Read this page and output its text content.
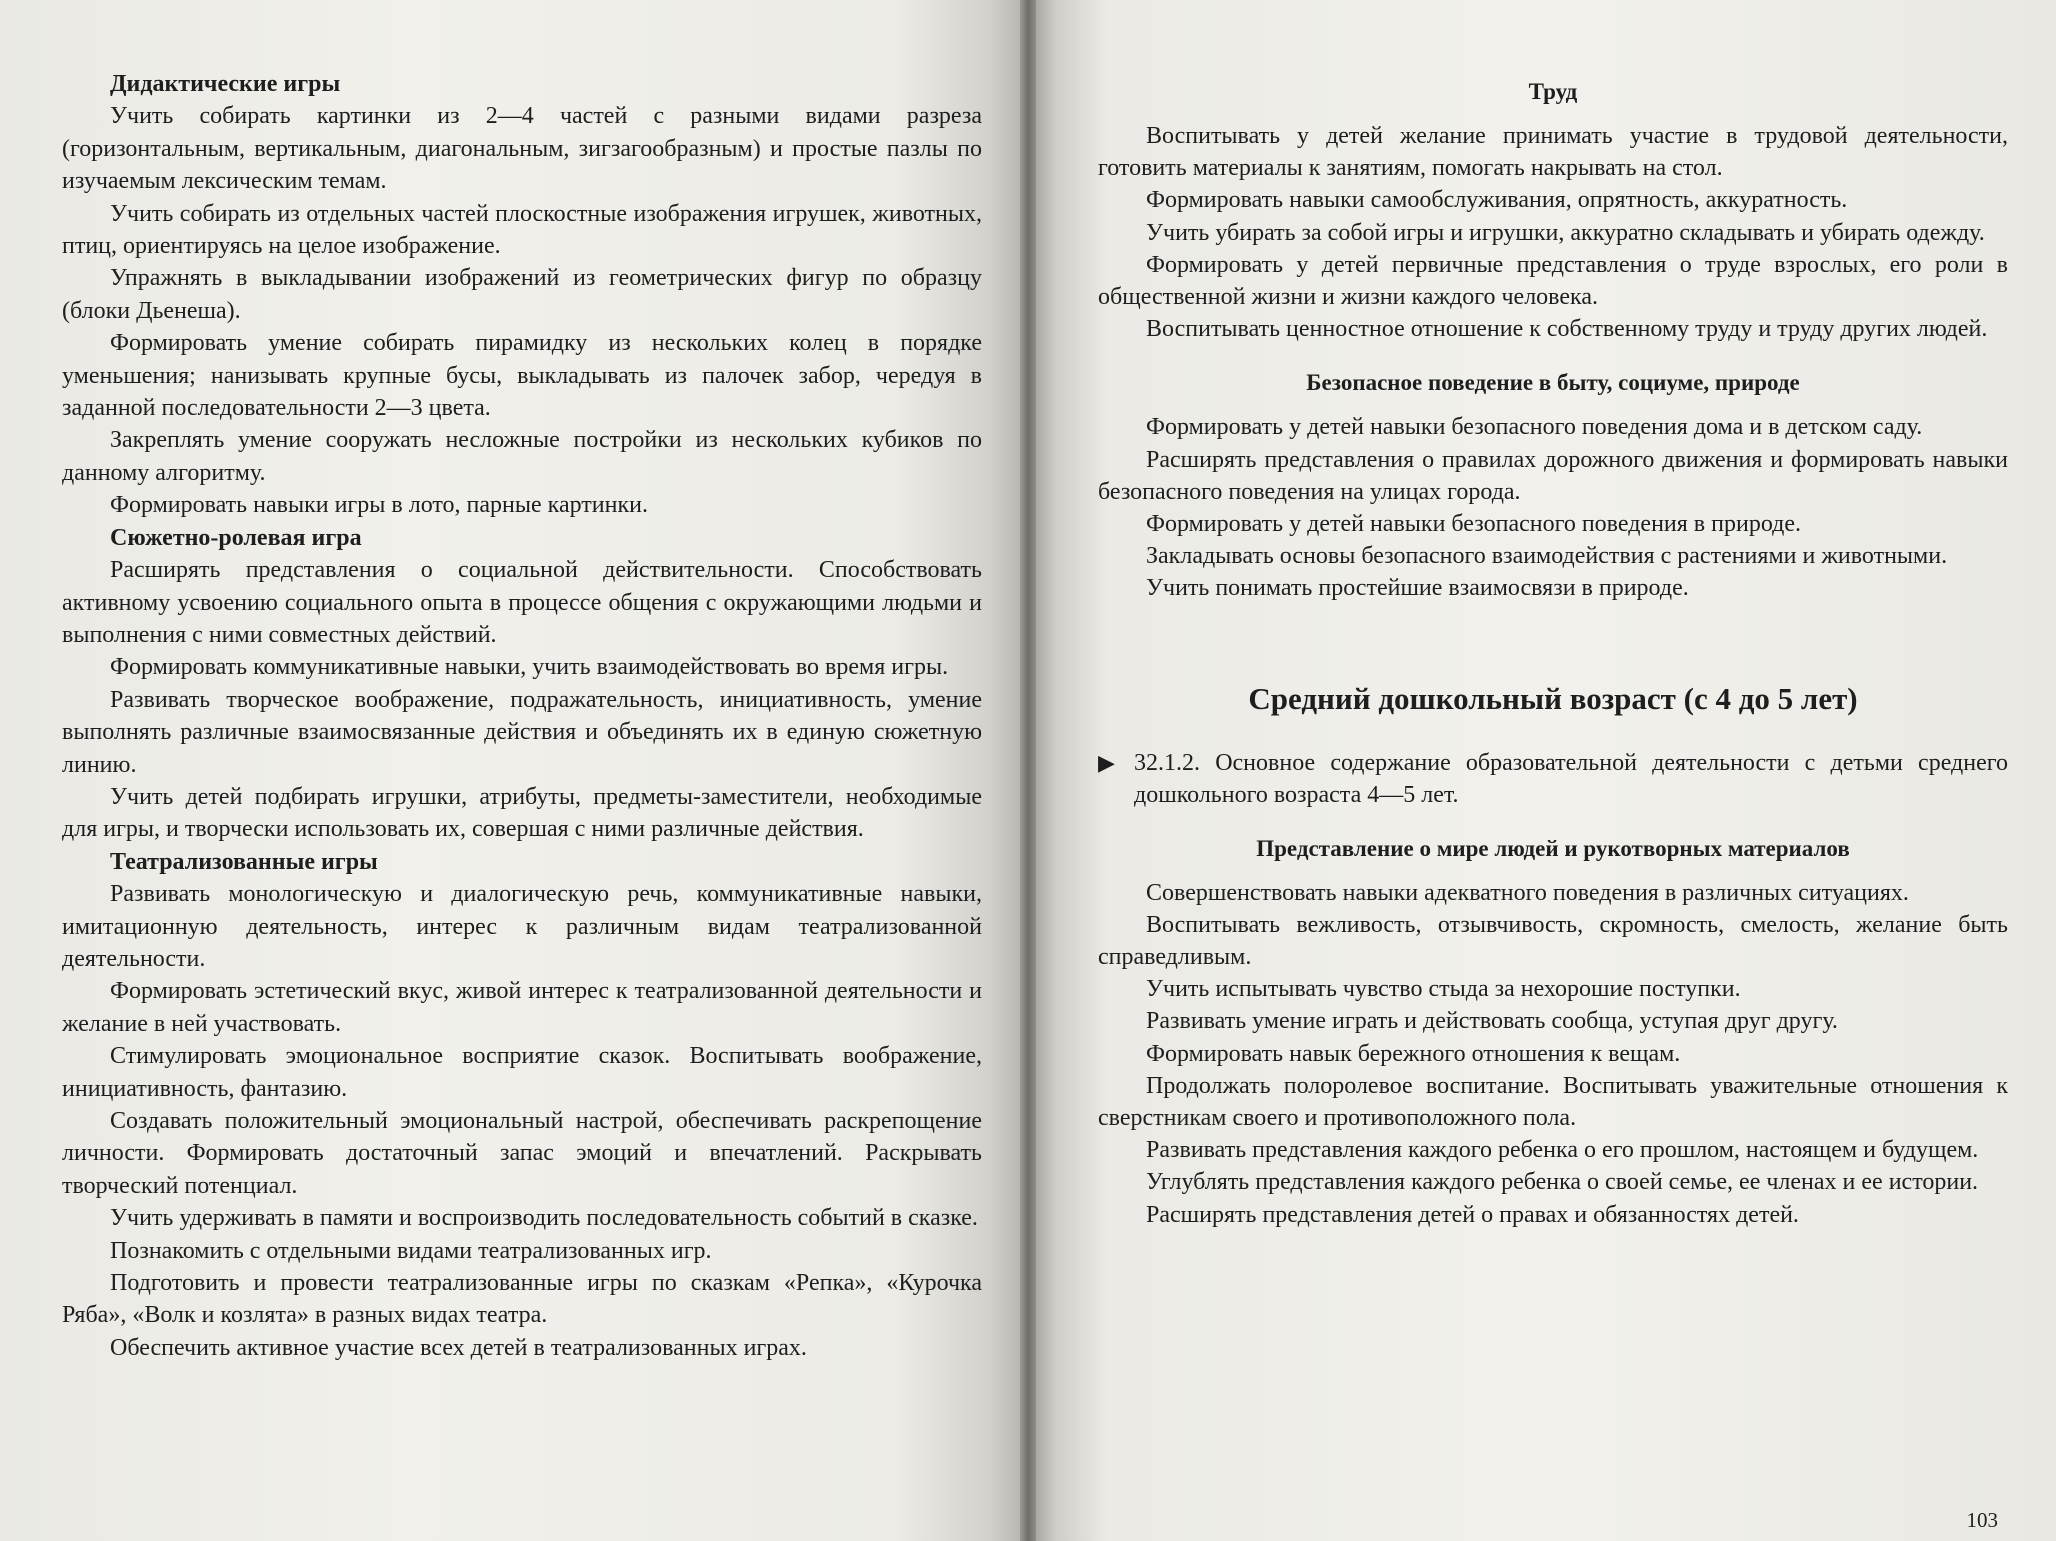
Дидактические игры

Учить собирать картинки из 2—4 частей с разными видами разреза (горизонтальным, вертикальным, диагональным, зигзагообразным) и простые пазлы по изучаемым лексическим темам.

Учить собирать из отдельных частей плоскостные изображения игрушек, животных, птиц, ориентируясь на целое изображение.

Упражнять в выкладывании изображений из геометрических фигур по образцу (блоки Дьенеша).

Формировать умение собирать пирамидку из нескольких колец в порядке уменьшения; нанизывать крупные бусы, выкладывать из палочек забор, чередуя в заданной последовательности 2—3 цвета.

Закреплять умение сооружать несложные постройки из нескольких кубиков по данному алгоритму.

Формировать навыки игры в лото, парные картинки.

Сюжетно-ролевая игра

Расширять представления о социальной действительности. Способствовать активному усвоению социального опыта в процессе общения с окружающими людьми и выполнения с ними совместных действий.

Формировать коммуникативные навыки, учить взаимодействовать во время игры.

Развивать творческое воображение, подражательность, инициативность, умение выполнять различные взаимосвязанные действия и объединять их в единую сюжетную линию.

Учить детей подбирать игрушки, атрибуты, предметы-заместители, необходимые для игры, и творчески использовать их, совершая с ними различные действия.

Театрализованные игры

Развивать монологическую и диалогическую речь, коммуникативные навыки, имитационную деятельность, интерес к различным видам театрализованной деятельности.

Формировать эстетический вкус, живой интерес к театрализованной деятельности и желание в ней участвовать.

Стимулировать эмоциональное восприятие сказок. Воспитывать воображение, инициативность, фантазию.

Создавать положительный эмоциональный настрой, обеспечивать раскрепощение личности. Формировать достаточный запас эмоций и впечатлений. Раскрывать творческий потенциал.

Учить удерживать в памяти и воспроизводить последовательность событий в сказке.

Познакомить с отдельными видами театрализованных игр.

Подготовить и провести театрализованные игры по сказкам «Репка», «Курочка Ряба», «Волк и козлята» в разных видах театра.

Обеспечить активное участие всех детей в театрализованных играх.

Труд

Воспитывать у детей желание принимать участие в трудовой деятельности, готовить материалы к занятиям, помогать накрывать на стол.

Формировать навыки самообслуживания, опрятность, аккуратность.

Учить убирать за собой игры и игрушки, аккуратно складывать и убирать одежду.

Формировать у детей первичные представления о труде взрослых, его роли в общественной жизни и жизни каждого человека.

Воспитывать ценностное отношение к собственному труду и труду других людей.

Безопасное поведение в быту, социуме, природе

Формировать у детей навыки безопасного поведения дома и в детском саду.

Расширять представления о правилах дорожного движения и формировать навыки безопасного поведения на улицах города.

Формировать у детей навыки безопасного поведения в природе.

Закладывать основы безопасного взаимодействия с растениями и животными.

Учить понимать простейшие взаимосвязи в природе.

Средний дошкольный возраст (с 4 до 5 лет)
▶ 32.1.2. Основное содержание образовательной деятельности с детьми среднего дошкольного возраста 4—5 лет.

Представление о мире людей и рукотворных материалов

Совершенствовать навыки адекватного поведения в различных ситуациях.

Воспитывать вежливость, отзывчивость, скромность, смелость, желание быть справедливым.

Учить испытывать чувство стыда за нехорошие поступки.

Развивать умение играть и действовать сообща, уступая друг другу.

Формировать навык бережного отношения к вещам.

Продолжать полоролевое воспитание. Воспитывать уважительные отношения к сверстникам своего и противоположного пола.

Развивать представления каждого ребенка о его прошлом, настоящем и будущем.

Углублять представления каждого ребенка о своей семье, ее членах и ее истории.

Расширять представления детей о правах и обязанностях детей.

103
